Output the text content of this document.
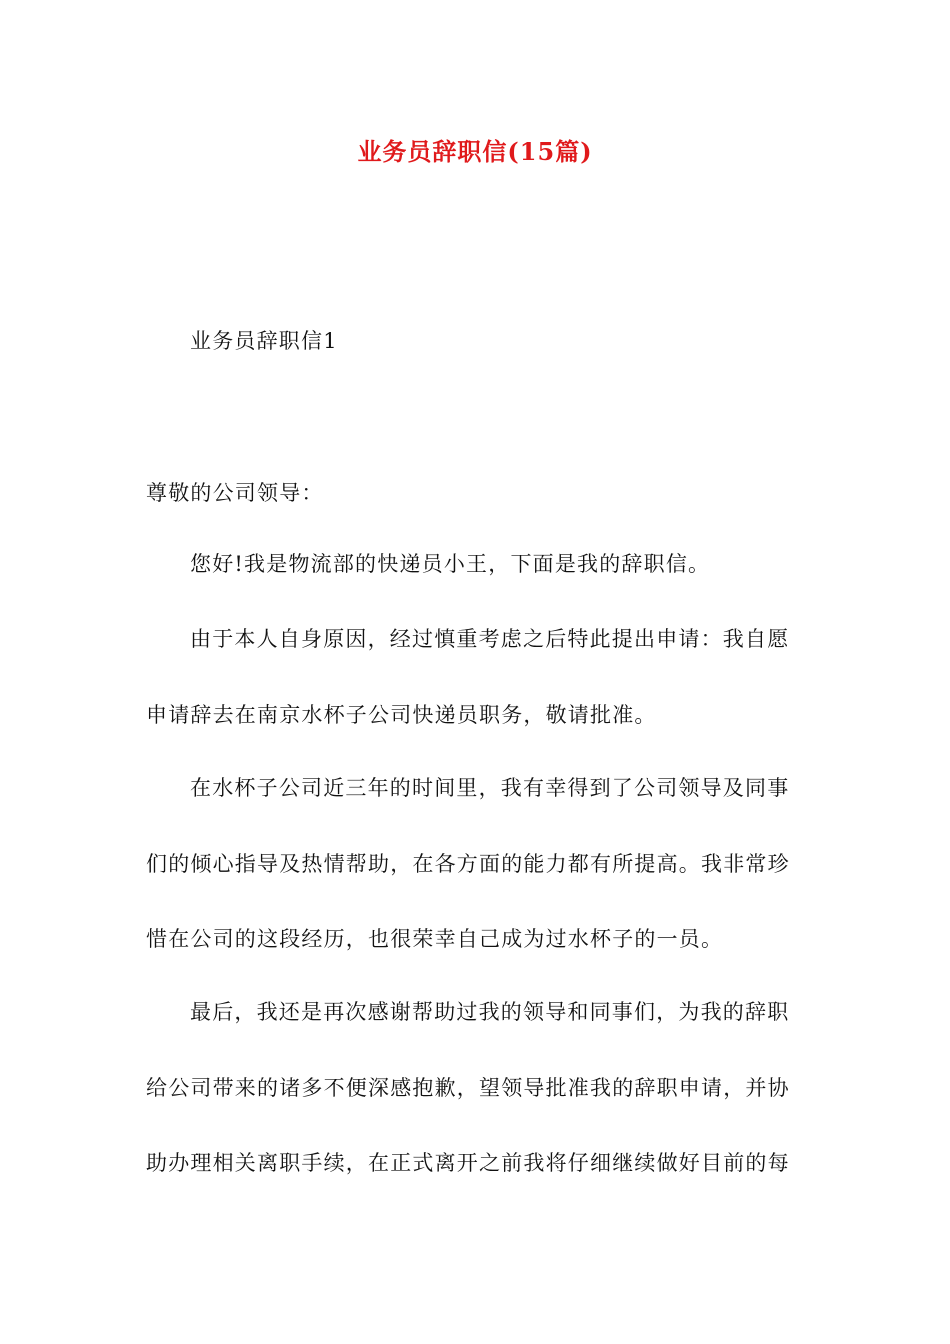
业务员辞职信(15篇)
业务员辞职信1
尊敬的公司领导：
您好!我是物流部的快递员小王，下面是我的辞职信。
由于本人自身原因，经过慎重考虑之后特此提出申请：我自愿
申请辞去在南京水杯子公司快递员职务，敬请批准。
在水杯子公司近三年的时间里，我有幸得到了公司领导及同事
们的倾心指导及热情帮助，在各方面的能力都有所提高。我非常珍
惜在公司的这段经历，也很荣幸自己成为过水杯子的一员。
最后，我还是再次感谢帮助过我的领导和同事们，为我的辞职
给公司带来的诸多不便深感抱歉，望领导批准我的辞职申请，并协
助办理相关离职手续，在正式离开之前我将仔细继续做好目前的每
